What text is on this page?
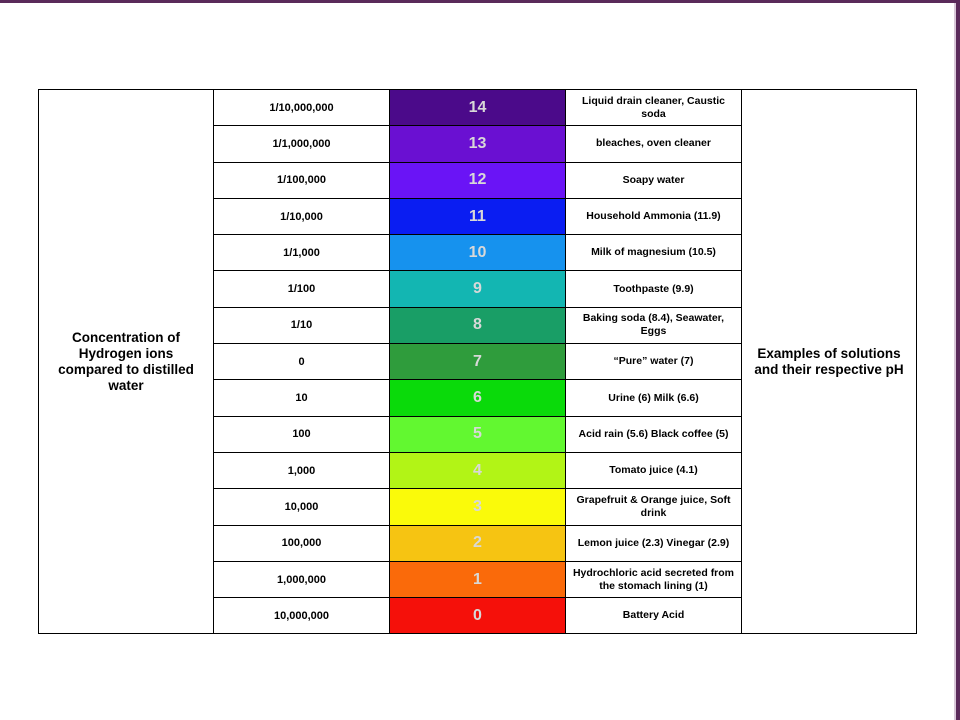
Concentration of Hydrogen ions compared to distilled water	1/10,000,000	14	Liquid drain cleaner, Caustic soda	Examples of solutions and their respective pH
	1/1,000,000	13	bleaches, oven cleaner	
	1/100,000	12	Soapy water	
	1/10,000	11	Household Ammonia (11.9)	
	1/1,000	10	Milk of magnesium (10.5)	
	1/100	9	Toothpaste (9.9)	
	1/10	8	Baking soda (8.4), Seawater, Eggs	
	0	7	“Pure” water (7)	
	10	6	Urine (6) Milk (6.6)	
	100	5	Acid rain (5.6) Black coffee (5)	
	1,000	4	Tomato juice (4.1)	
	10,000	3	Grapefruit & Orange juice, Soft drink	
	100,000	2	Lemon juice (2.3) Vinegar (2.9)	
	1,000,000	1	Hydrochloric acid secreted from the stomach lining (1)	
	10,000,000	0	Battery Acid	
